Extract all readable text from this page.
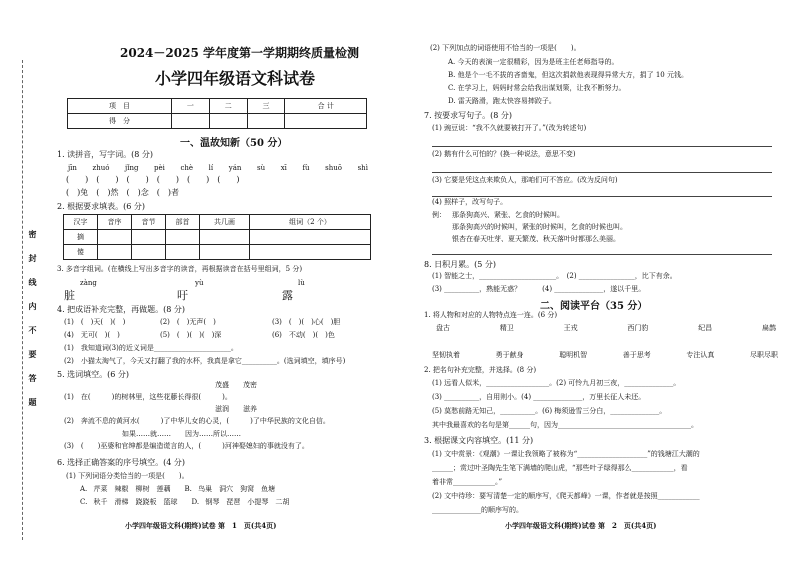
密　封　线　内　不　要　答　题
2024－2025 学年度第一学期期终质量检测
小学四年级语文科试卷
项　目	一	二	三	合 计
得　分				
一、温故知新（50 分）
1. 读拼音，写字词。(8 分)
jīn zhuó jǐng pèi chè lí yán sù xī fù shuō shì
(　　)　(　　)　(　　)　(　　)　(　　)　(　　)
(　)兔　(　)然　(　)念　(　)者
2. 根据要求填表。(6 分)
汉字	音序	音节	部首	共几画	组词（2 个）
摘					
傻					
3. 多音字组词。(在横线上写出多音字的读音，再根据读音在括号里组词，5 分)
zàng	yù	lù
脏	吁	露
4. 把成语补充完整，再做题。(8 分)
(1)　(　)天(　)(　)	(2)　(　)无声(　)	(3)　(　)(　)心(　)胆
(4)　无可(　)(　)	(5)　(　)(　)(　)深	(6)　不动(　)(　)色
(1)　我知道词(3)的近义词是______________________。
(2)　小猫太淘气了，今天又打翻了我的水杯，我真是拿它__________。(选词填空，填序号)
5. 选词填空。(6 分)
茂盛　　茂密
(1)　在(　　　)的树林里，这些花藤长得很(　　　)。
滋润　　滋养
(2)　奔流不息的黄河水(　　　)了中华儿女的心灵，(　　　)了中华民族的文化自信。
如果……就……　　因为……所以……
(3)　(　　)巫婆和官绅都是编造谎言的人，(　　　)河神娶媳妇的事就没有了。
6. 选择正确答案的序号填空。(4 分)
(1) 下列词语分类恰当的一项是(　　)。
A. 芹菜　辣椒　柳树　莲藕　　B. 鸟巢　洞穴　狗窝　鱼塘
C. 秋千　滑梯　跷跷板　篮球　　D. 钢琴　琵琶　小提琴　二胡
小学四年级语文科(期终)试卷 第　1　页(共4页)
(2) 下列加点的词语使用不恰当的一项是(　　)。
A. 今天的表演一定很精彩，因为是班主任老师指导的。
B. 他是个一毛不拔的吝啬鬼，但这次捐款他表现得异常大方，捐了 10 元钱。
C. 在学习上，妈妈时常会给我出谋划策，让我不断努力。
D. 雷天路滑，跑太快容易摔跤子。
7. 按要求写句子。(8 分)
(1) 豌豆说：“我不久就要被打开了。”(改为转述句)
(2) 鹅有什么可怕的？(换一种说法，意思不变)
(3) 它要是凭这点来欺负人，那咱们可不答应。(改为反问句)
(4) 照样子，改写句子。
例： 那条狗高兴、紧张、乞食的时候叫。
那条狗高兴的时候叫，紧张的时候叫，乞食的时候也叫。
银杏在春天吐芽、夏天繁茂、秋天落叶时都那么美丽。
8. 日积月累。(5 分)
(1) 智能之士，______________________。　(2) ________________，比下有余。
(3) __________，熟能无惑？　　　(4) ______________，遂以千里。
二、阅读平台（35 分）
1. 将人物和对应的人物特点连一连。(6 分)
盘古	精卫	王戎	西门豹	纪昌	扁鹊
坚韧执着	勇于献身	聪明机智	善于思考	专注认真	尽职尽职
2. 把名句补充完整，并选择。(8 分)
(1) 远看人似米，__________________。(2) 可怜九月初三夜，______________。
(3) __________，自用则小。(4) ______________，万里长征人未还。
(5) 莫愁前路无知己，__________。(6) 梅须逊雪三分白，______________。
其中我最喜欢的名句是第______句，因为______________________________________。
3. 根据课文内容填空。(11 分)
(1) 文中赏景：《观潮》一课让我领略了被称为“____________________”的钱塘江大潮的
______；赏过叶圣陶先生笔下满墙的爬山虎，“那些叶子绿得那么____________，看
着非常____________。”
(2) 文中待珍：要写清楚一定的顺序写，《爬天都峰》一课，作者就是按照____________
______________的顺序写的。
小学四年级语文科(期终)试卷 第　2　页(共4页)
